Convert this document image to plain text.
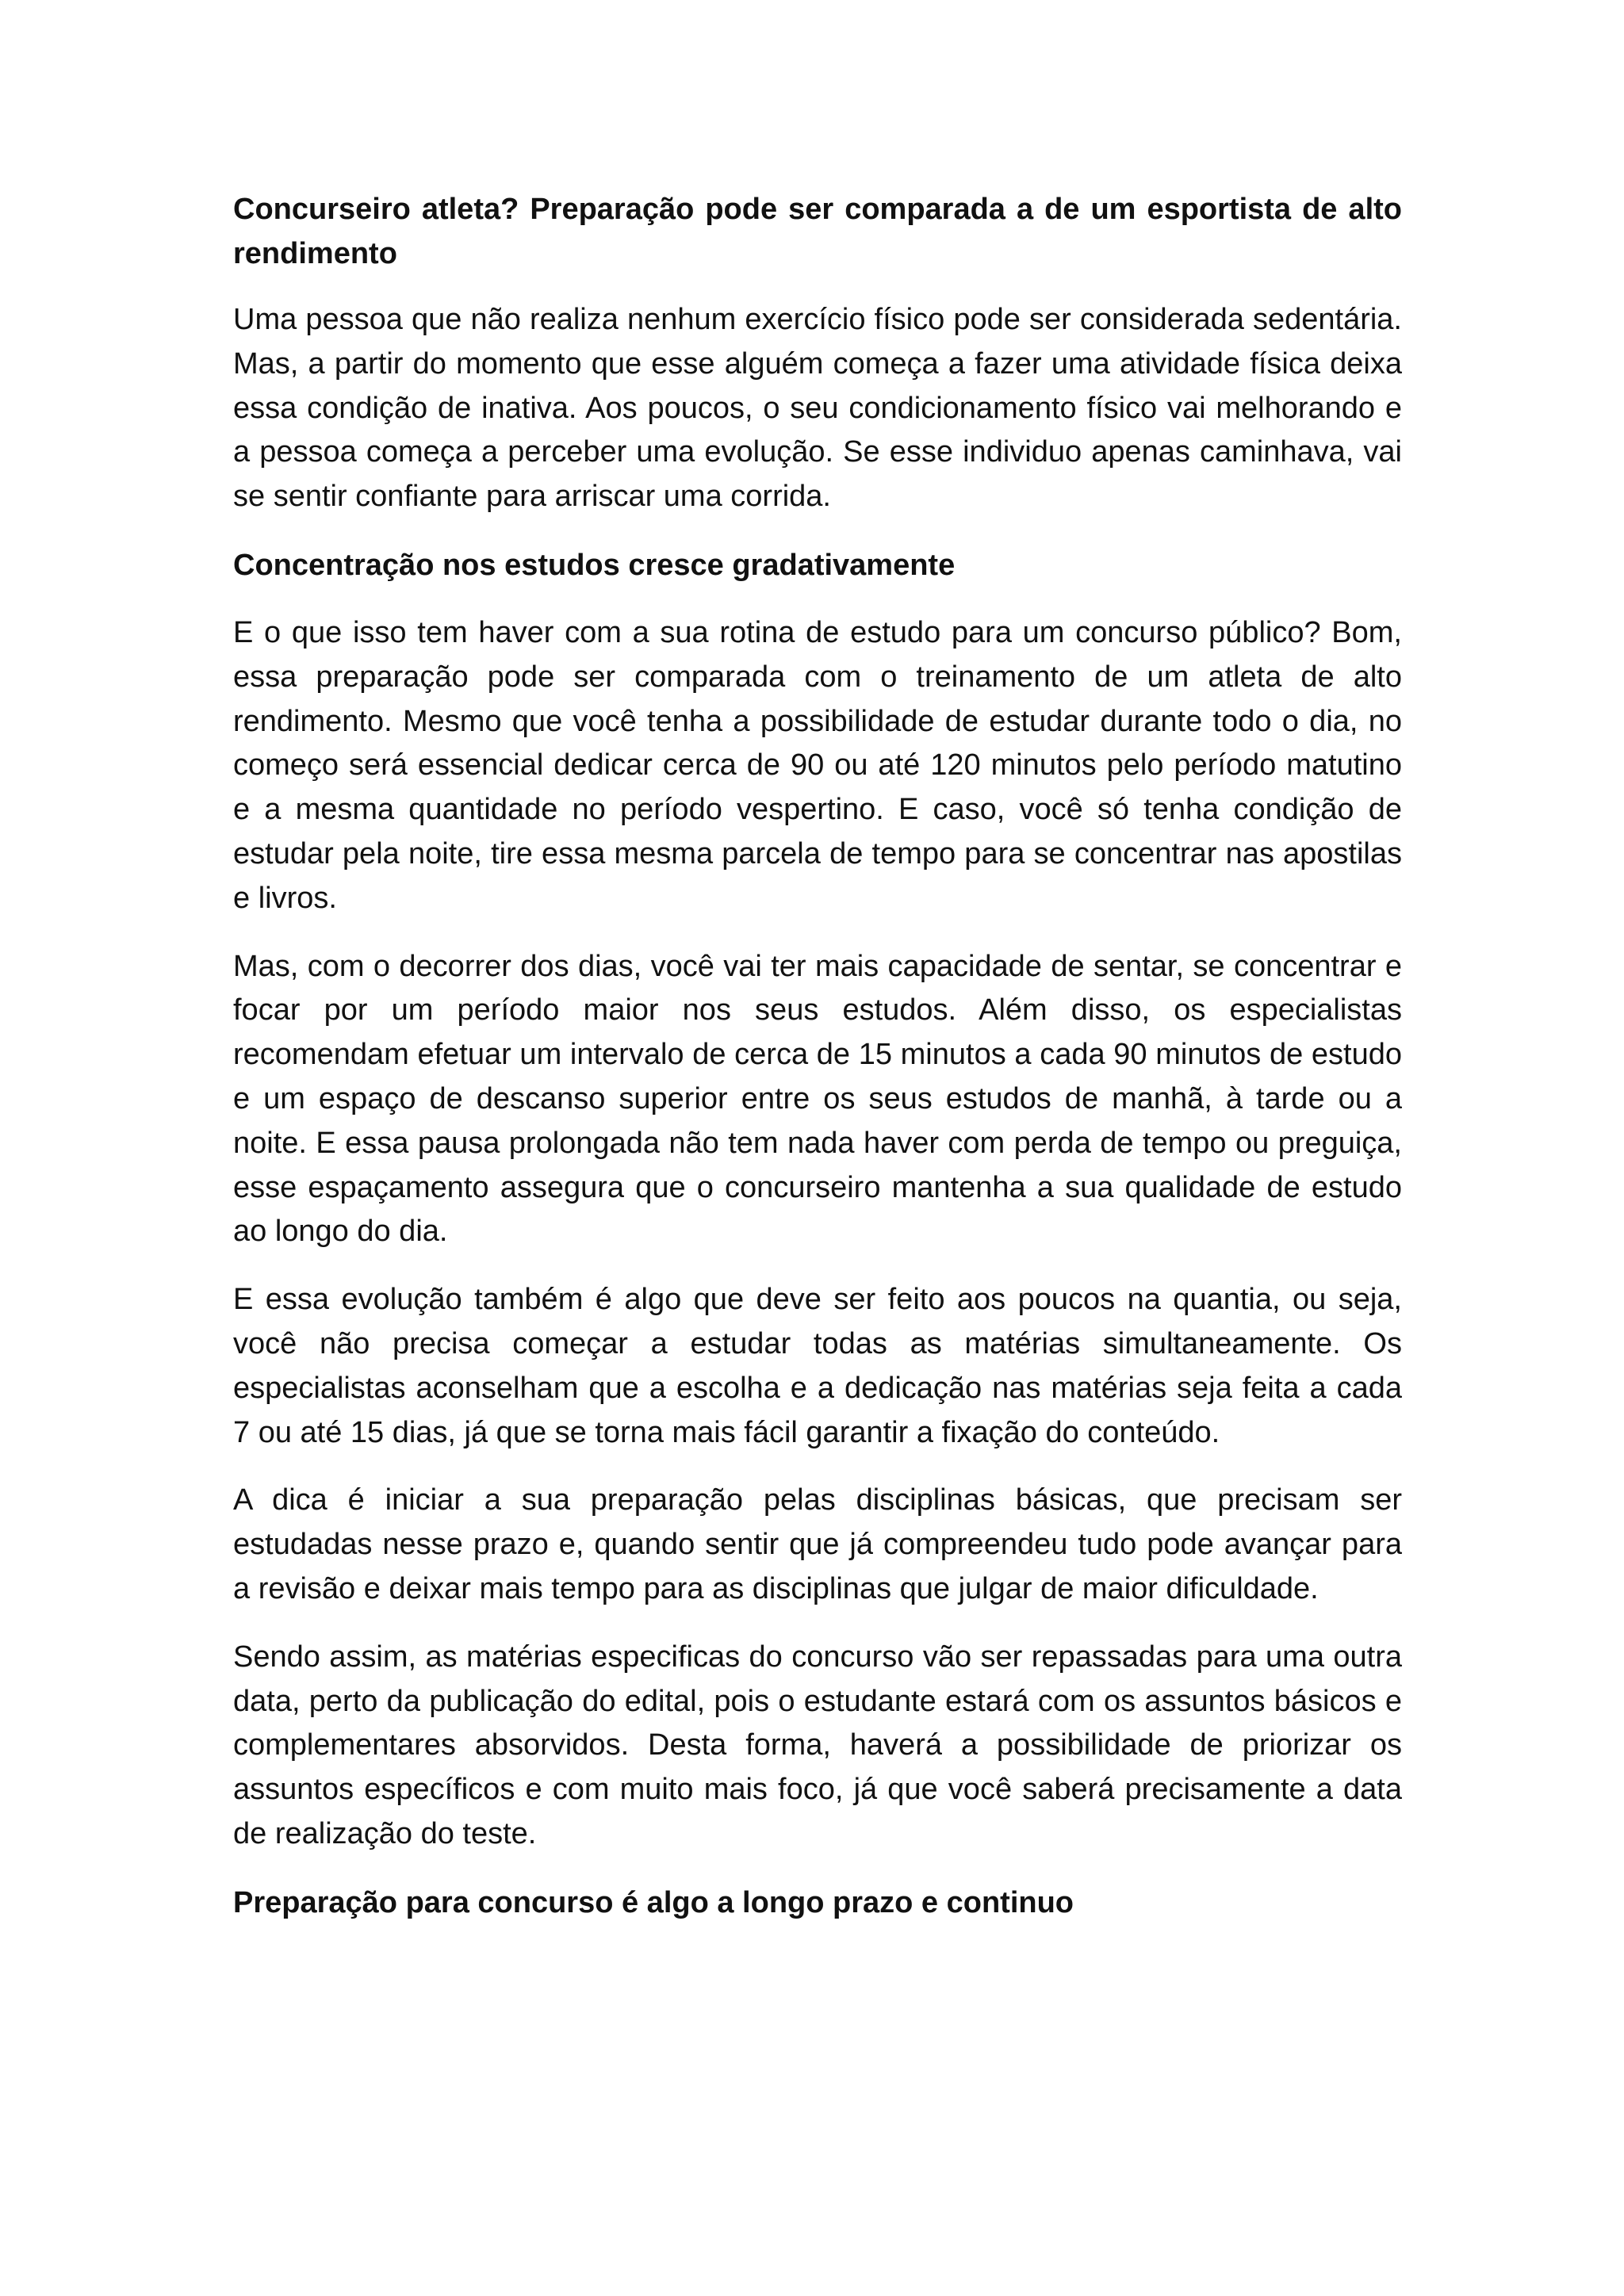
Concurseiro atleta? Preparação pode ser comparada a de um esportista de alto rendimento

Uma pessoa que não realiza nenhum exercício físico pode ser considerada sedentária. Mas, a partir do momento que esse alguém começa a fazer uma atividade física deixa essa condição de inativa. Aos poucos, o seu condicionamento físico vai melhorando e a pessoa começa a perceber uma evolução. Se esse individuo apenas caminhava, vai se sentir confiante para arriscar uma corrida.

Concentração nos estudos cresce gradativamente

E o que isso tem haver com a sua rotina de estudo para um concurso público? Bom, essa preparação pode ser comparada com o treinamento de um atleta de alto rendimento. Mesmo que você tenha a possibilidade de estudar durante todo o dia, no começo será essencial dedicar cerca de 90 ou até 120 minutos pelo período matutino e a mesma quantidade no período vespertino. E caso, você só tenha condição de estudar pela noite, tire essa mesma parcela de tempo para se concentrar nas apostilas e livros.

Mas, com o decorrer dos dias, você vai ter mais capacidade de sentar, se concentrar e focar por um período maior nos seus estudos. Além disso, os especialistas recomendam efetuar um intervalo de cerca de 15 minutos a cada 90 minutos de estudo e um espaço de descanso superior entre os seus estudos de manhã, à tarde ou a noite. E essa pausa prolongada não tem nada haver com perda de tempo ou preguiça, esse espaçamento assegura que o concurseiro mantenha a sua qualidade de estudo ao longo do dia.

E essa evolução também é algo que deve ser feito aos poucos na quantia, ou seja, você não precisa começar a estudar todas as matérias simultaneamente. Os especialistas aconselham que a escolha e a dedicação nas matérias seja feita a cada 7 ou até 15 dias, já que se torna mais fácil garantir a fixação do conteúdo.

A dica é iniciar a sua preparação pelas disciplinas básicas, que precisam ser estudadas nesse prazo e, quando sentir que já compreendeu tudo pode avançar para a revisão e deixar mais tempo para as disciplinas que julgar de maior dificuldade.

Sendo assim, as matérias especificas do concurso vão ser repassadas para uma outra data, perto da publicação do edital, pois o estudante estará com os assuntos básicos e complementares absorvidos. Desta forma, haverá a possibilidade de priorizar os assuntos específicos e com muito mais foco, já que você saberá precisamente a data de realização do teste.

Preparação para concurso é algo a longo prazo e continuo
